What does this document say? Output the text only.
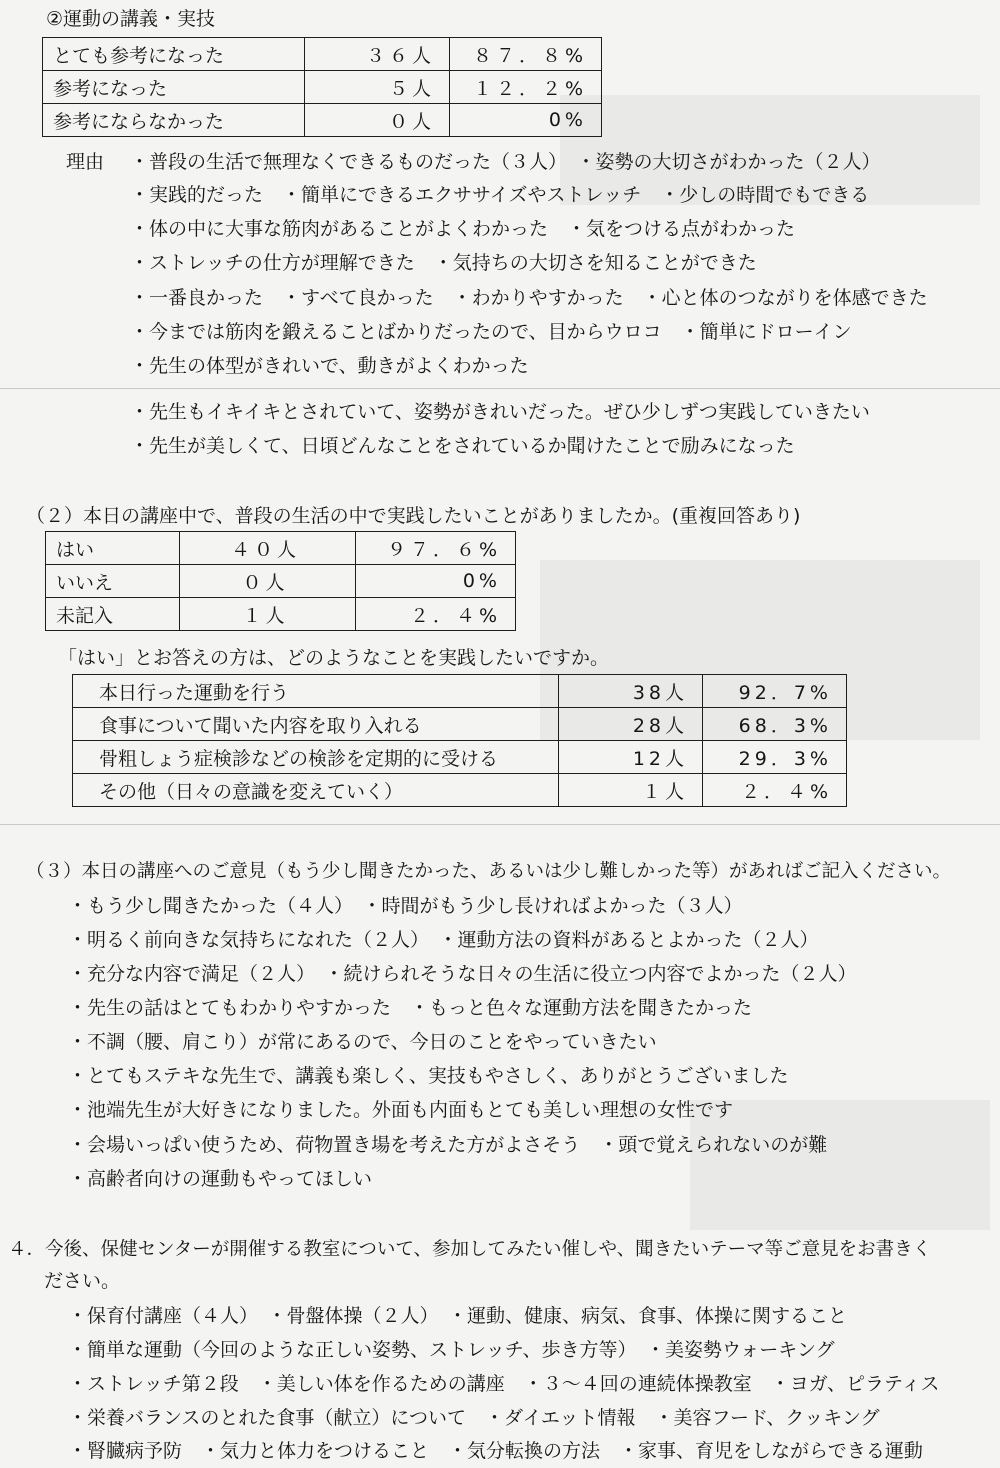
②運動の講義・実技
とても参考になった	３６人	８７．８%
参考になった	５人	１２．２%
参考にならなかった	０人	0%
理由 ・普段の生活で無理なくできるものだった（３人）　・姿勢の大切さがわかった（２人）
・実践的だった　・簡単にできるエクササイズやストレッチ　・少しの時間でもできる
・体の中に大事な筋肉があることがよくわかった　・気をつける点がわかった
・ストレッチの仕方が理解できた　・気持ちの大切さを知ることができた
・一番良かった　・すべて良かった　・わかりやすかった　・心と体のつながりを体感できた
・今までは筋肉を鍛えることばかりだったので、目からウロコ　・簡単にドローイン
・先生の体型がきれいで、動きがよくわかった
・先生もイキイキとされていて、姿勢がきれいだった。ぜひ少しずつ実践していきたい
・先生が美しくて、日頃どんなことをされているか聞けたことで励みになった
（２）本日の講座中で、普段の生活の中で実践したいことがありましたか。(重複回答あり)
はい	４０人	９７．６%
いいえ	０人	0%
未記入	１人	２．４%
「はい」とお答えの方は、どのようなことを実践したいですか。
本日行った運動を行う	38人	92．7%
食事について聞いた内容を取り入れる	28人	68．3%
骨粗しょう症検診などの検診を定期的に受ける	12人	29．3%
その他（日々の意識を変えていく）	１人	２．４%
（３）本日の講座へのご意見（もう少し聞きたかった、あるいは少し難しかった等）があればご記入ください。
・もう少し聞きたかった（４人）　・時間がもう少し長ければよかった（３人）
・明るく前向きな気持ちになれた（２人）　・運動方法の資料があるとよかった（２人）
・充分な内容で満足（２人）　・続けられそうな日々の生活に役立つ内容でよかった（２人）
・先生の話はとてもわかりやすかった　・もっと色々な運動方法を聞きたかった
・不調（腰、肩こり）が常にあるので、今日のことをやっていきたい
・とてもステキな先生で、講義も楽しく、実技もやさしく、ありがとうございました
・池端先生が大好きになりました。外面も内面もとても美しい理想の女性です
・会場いっぱい使うため、荷物置き場を考えた方がよさそう　・頭で覚えられないのが難
・高齢者向けの運動もやってほしい
４．今後、保健センターが開催する教室について、参加してみたい催しや、聞きたいテーマ等ご意見をお書きく
ださい。
・保育付講座（４人）　・骨盤体操（２人）　・運動、健康、病気、食事、体操に関すること
・簡単な運動（今回のような正しい姿勢、ストレッチ、歩き方等）　・美姿勢ウォーキング
・ストレッチ第２段　・美しい体を作るための講座　・３～４回の連続体操教室　・ヨガ、ピラティス
・栄養バランスのとれた食事（献立）について　・ダイエット情報　・美容フード、クッキング
・腎臓病予防　・気力と体力をつけること　・気分転換の方法　・家事、育児をしながらできる運動
